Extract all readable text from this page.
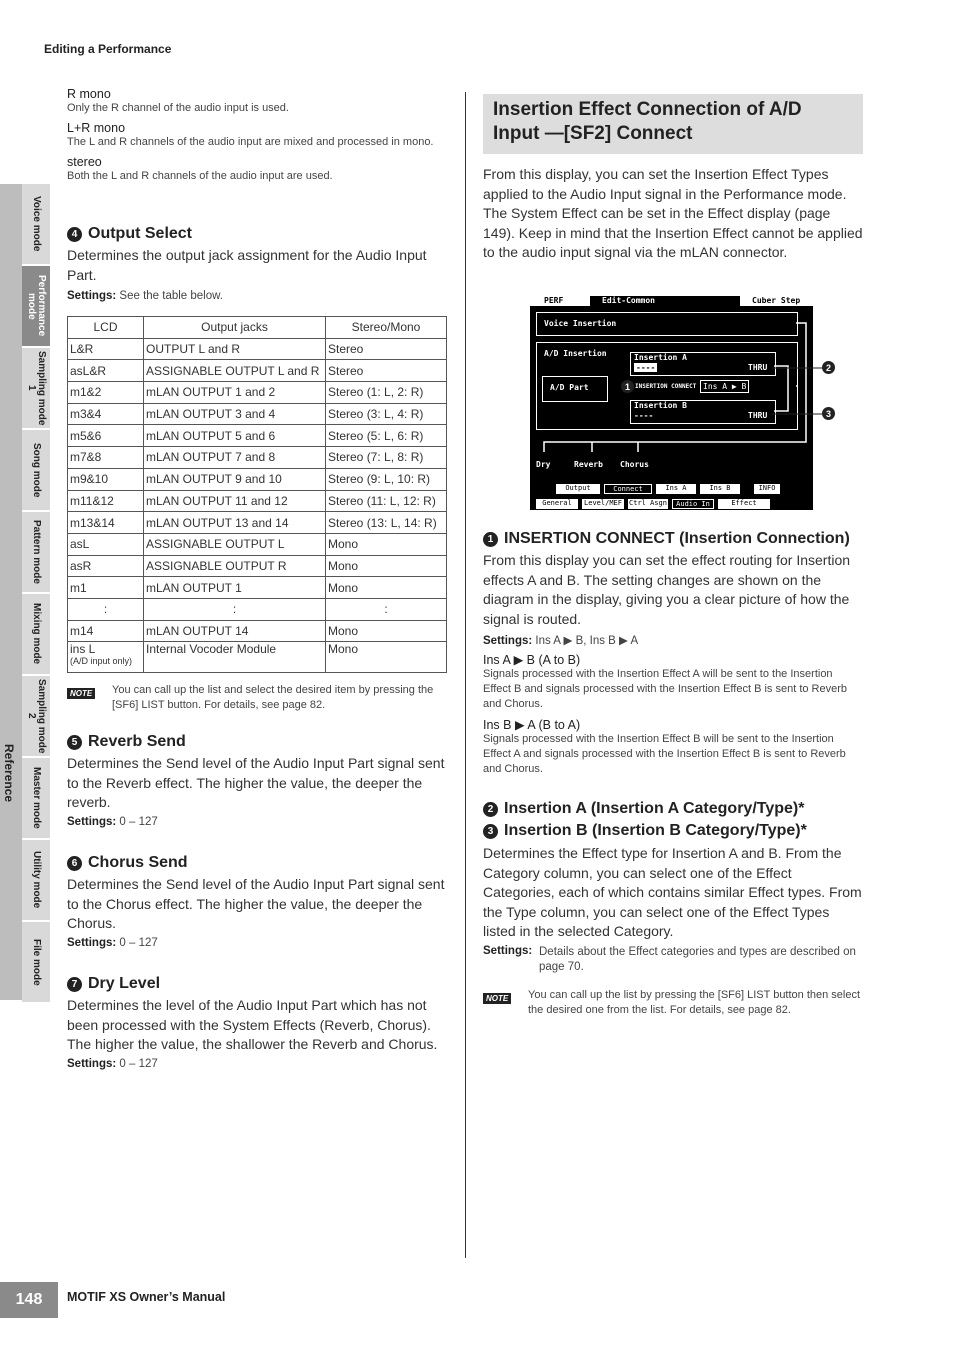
Editing a Performance
Reference
Voice mode
Performance mode
Sampling mode 1
Song mode
Pattern mode
Mixing mode
Sampling mode 2
Master mode
Utility mode
File mode
R mono
Only the R channel of the audio input is used.
L+R mono
The L and R channels of the audio input are mixed and processed in mono.
stereo
Both the L and R channels of the audio input are used.
4 Output Select
Determines the output jack assignment for the Audio Input Part.
Settings: See the table below.
LCD	Output jacks	Stereo/Mono
L&R	OUTPUT L and R	Stereo
asL&R	ASSIGNABLE OUTPUT L and R	Stereo
m1&2	mLAN OUTPUT 1 and 2	Stereo (1: L, 2: R)
m3&4	mLAN OUTPUT 3 and 4	Stereo (3: L, 4: R)
m5&6	mLAN OUTPUT 5 and 6	Stereo (5: L, 6: R)
m7&8	mLAN OUTPUT 7 and 8	Stereo (7: L, 8: R)
m9&10	mLAN OUTPUT 9 and 10	Stereo (9: L, 10: R)
m11&12	mLAN OUTPUT 11 and 12	Stereo (11: L, 12: R)
m13&14	mLAN OUTPUT 13 and 14	Stereo (13: L, 14: R)
asL	ASSIGNABLE OUTPUT L	Mono
asR	ASSIGNABLE OUTPUT R	Mono
m1	mLAN OUTPUT 1	Mono
:	:	:
m14	mLAN OUTPUT 14	Mono
ins L
(A/D input only)	Internal Vocoder Module	Mono
NOTE You can call up the list and select the desired item by pressing the [SF6] LIST button. For details, see page 82.
5 Reverb Send
Determines the Send level of the Audio Input Part signal sent to the Reverb effect. The higher the value, the deeper the reverb.
Settings: 0 – 127
6 Chorus Send
Determines the Send level of the Audio Input Part signal sent to the Chorus effect. The higher the value, the deeper the Chorus.
Settings: 0 – 127
7 Dry Level
Determines the level of the Audio Input Part which has not been processed with the System Effects (Reverb, Chorus). The higher the value, the shallower the Reverb and Chorus.
Settings: 0 – 127
Insertion Effect Connection of A/D Input —[SF2] Connect
From this display, you can set the Insertion Effect Types applied to the Audio Input signal in the Performance mode. The System Effect can be set in the Effect display (page 149). Keep in mind that the Insertion Effect cannot be applied to the audio input signal via the mLAN connector.
PERF	Edit-Common	Cuber Step
Voice Insertion
A/D Insertion
A/D Part
Insertion A
----	THRU
INSERTION CONNECT Ins A ▶ B
Insertion B
----	THRU
Dry	Reverb Chorus
Output	Connect	Ins A	Ins B	INFO
General	Level/MEF Ctrl Asgn	Audio In	Effect
1
2
3
1 INSERTION CONNECT (Insertion Connection)
From this display you can set the effect routing for Insertion effects A and B. The setting changes are shown on the diagram in the display, giving you a clear picture of how the signal is routed.
Settings: Ins A ▶ B, Ins B ▶ A
Ins A ▶ B (A to B)
Signals processed with the Insertion Effect A will be sent to the Insertion Effect B and signals processed with the Insertion Effect B is sent to Reverb and Chorus.
Ins B ▶ A (B to A)
Signals processed with the Insertion Effect B will be sent to the Insertion Effect A and signals processed with the Insertion Effect B is sent to Reverb and Chorus.
2 Insertion A (Insertion A Category/Type)*
3 Insertion B (Insertion B Category/Type)*
Determines the Effect type for Insertion A and B. From the Category column, you can select one of the Effect Categories, each of which contains similar Effect types. From the Type column, you can select one of the Effect Types listed in the selected Category.
Settings: Details about the Effect categories and types are described on page 70.
NOTE You can call up the list by pressing the [SF6] LIST button then select the desired one from the list. For details, see page 82.
148	MOTIF XS Owner’s Manual
